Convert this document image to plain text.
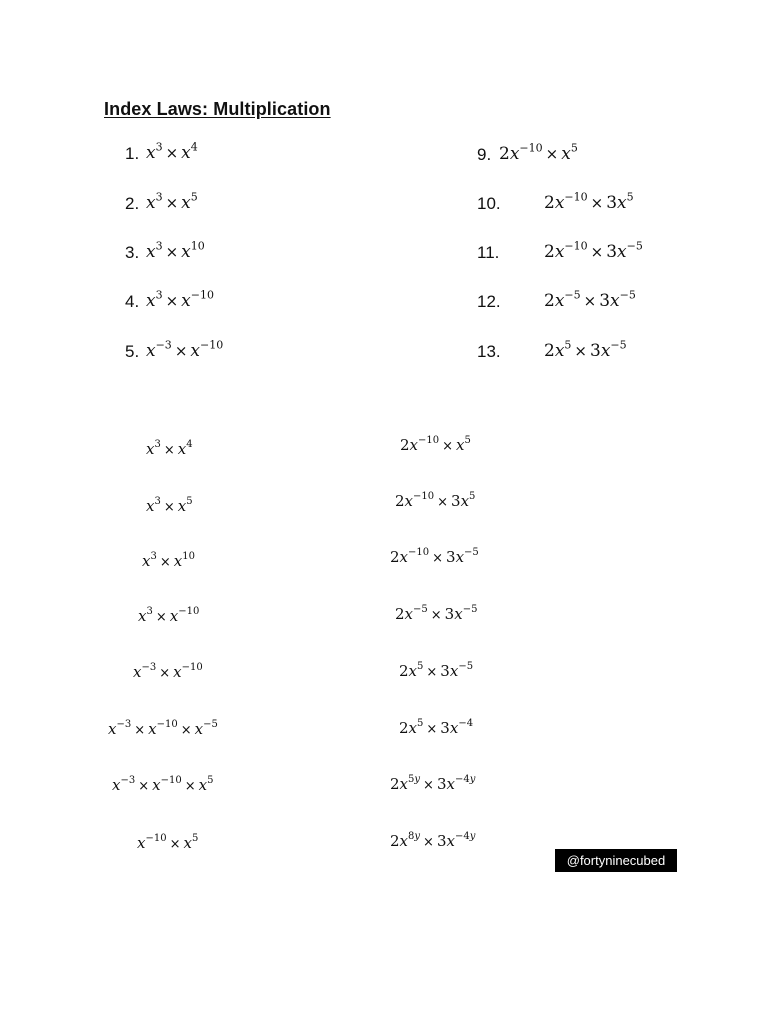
Index Laws: Multiplication
1. $x^3 \times x^4$
2. $x^3 \times x^5$
3. $x^3 \times x^{10}$
4. $x^3 \times x^{-10}$
5. $x^{-3} \times x^{-10}$
9. $2x^{-10} \times x^5$
10.	$2x^{-10} \times 3x^5$
11.	$2x^{-10} \times 3x^{-5}$
12.	$2x^{-5} \times 3x^{-5}$
13.	$2x^5 \times 3x^{-5}$
$x^3 \times x^4$
$x^3 \times x^5$
$x^3 \times x^{10}$
$x^3 \times x^{-10}$
$x^{-3} \times x^{-10}$
$x^{-3} \times x^{-10} \times x^{-5}$
$x^{-3} \times x^{-10} \times x^5$
$x^{-10} \times x^5$
$2x^{-10} \times x^5$
$2x^{-10} \times 3x^5$
$2x^{-10} \times 3x^{-5}$
$2x^{-5} \times 3x^{-5}$
$2x^5 \times 3x^{-5}$
$2x^5 \times 3x^{-4}$
$2x^{5y} \times 3x^{-4y}$
$2x^{8y} \times 3x^{-4y}$
@fortyninecubed
